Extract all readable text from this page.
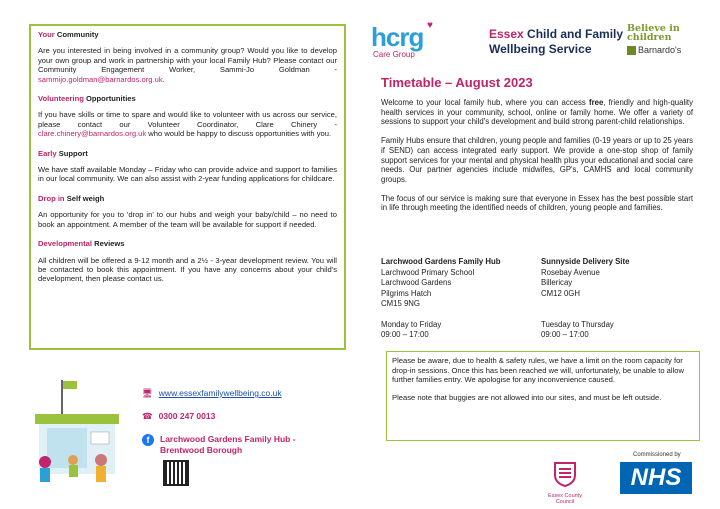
Your Community

Are you interested in being involved in a community group? Would you like to develop your own group and work in partnership with your local Family Hub? Please contact our Community Engagement Worker, Sammi-Jo Goldman - sammijo.goldman@barnardos.org.uk.

Volunteering Opportunities

If you have skills or time to spare and would like to volunteer with us across our service, please contact our Volunteer Coordinator, Clare Chinery - clare.chinery@barnardos.org.uk who would be happy to discuss opportunities with you.

Early Support

We have staff available Monday – Friday who can provide advice and support to families in our local community. We can also assist with 2-year funding applications for childcare.

Drop in Self weigh

An opportunity for you to 'drop in' to our hubs and weigh your baby/child – no need to book an appointment. A member of the team will be available for support if needed.

Developmental Reviews

All children will be offered a 9-12 month and a 2½ - 3-year development review. You will be contacted to book this appointment. If you have any concerns about your child's development, then please contact us.

hcrg ♥
Care Group
Essex Child and Family
Wellbeing Service
Believe in
children
Barnardo's
Timetable – August 2023

Welcome to your local family hub, where you can access free, friendly and high-quality health services in your community, school, online or family home. We offer a variety of sessions to support your child's development and build strong parent-child relationships.

Family Hubs ensure that children, young people and families (0-19 years or up to 25 years if SEND) can access integrated early support. We provide a one-stop shop of family support services for your mental and physical health plus your educational and social care needs. Our partner agencies include midwifes, GP's, CAMHS and local community groups.

The focus of our service is making sure that everyone in Essex has the best possible start in life through meeting the identified needs of children, young people and families.

Larchwood Gardens Family Hub
Larchwood Primary School
Larchwood Gardens
Pilgrims Hatch
CM15 9NG
Monday to Friday
09:00 – 17:00
Sunnyside Delivery Site
Rosebay Avenue
Billericay
CM12 0GH
Tuesday to Thursday
09:00 – 17:00

Please be aware, due to health & safety rules, we have a limit on the room capacity for drop-in sessions. Once this has been reached we will, unfortunately, be unable to allow further families entry. We apologise for any inconvenience caused.

Please note that buggies are not allowed into our sites, and must be left outside.

🖥 www.essexfamilywellbeing.co.uk
☎ 0300 247 0013
f Larchwood Gardens Family Hub -
Brentwood Borough	Commissioned by
Essex County Council
NHS
